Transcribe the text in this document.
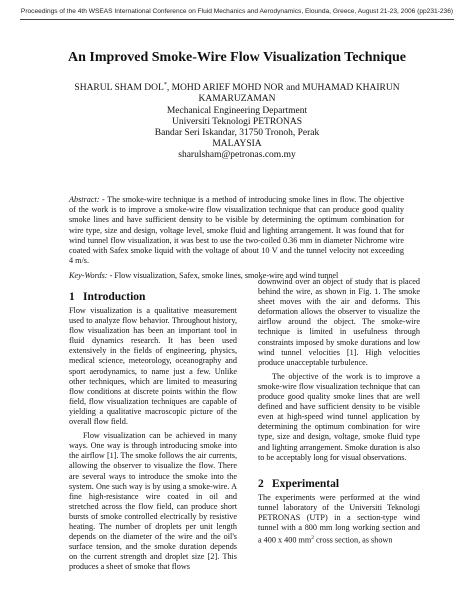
Proceedings of the 4th WSEAS International Conference on Fluid Mechanics and Aerodynamics, Elounda, Greece, August 21-23, 2006 (pp231-236)
An Improved Smoke-Wire Flow Visualization Technique
SHARUL SHAM DOL*, MOHD ARIEF MOHD NOR and MUHAMAD KHAIRUN
KAMARUZAMAN
Mechanical Engineering Department
Universiti Teknologi PETRONAS
Bandar Seri Iskandar, 31750 Tronoh, Perak
MALAYSIA
sharulsham@petronas.com.my
Abstract: - The smoke-wire technique is a method of introducing smoke lines in flow. The objective of the work is to improve a smoke-wire flow visualization technique that can produce good quality smoke lines and have sufficient density to be visible by determining the optimum combination for wire type, size and design, voltage level, smoke fluid and lighting arrangement. It was found that for wind tunnel flow visualization, it was best to use the two-coiled 0.36 mm in diameter Nichrome wire coated with Safex smoke liquid with the voltage of about 10 V and the tunnel velocity not exceeding 4 m/s.
Key-Words: - Flow visualization, Safex, smoke lines, smoke-wire and wind tunnel
1 Introduction

Flow visualization is a qualitative measurement used to analyze flow behavior. Throughout history, flow visualization has been an important tool in fluid dynamics research. It has been used extensively in the fields of engineering, physics, medical science, meteorology, oceanography and sport aerodynamics, to name just a few. Unlike other techniques, which are limited to measuring flow conditions at discrete points within the flow field, flow visualization techniques are capable of yielding a qualitative macroscopic picture of the overall flow field.

Flow visualization can be achieved in many ways. One way is through introducing smoke into the airflow [1]. The smoke follows the air currents, allowing the observer to visualize the flow. There are several ways to introduce the smoke into the system. One such way is by using a smoke-wire. A fine high-resistance wire coated in oil and stretched across the flow field, can produce short bursts of smoke controlled electrically by resistive heating. The number of droplets per unit length depends on the diameter of the wire and the oil's surface tension, and the smoke duration depends on the current strength and droplet size [2]. This produces a sheet of smoke that flows

downwind over an object of study that is placed behind the wire, as shown in Fig. 1. The smoke sheet moves with the air and deforms. This deformation allows the observer to visualize the airflow around the object. The smoke-wire technique is limited in usefulness through constraints imposed by smoke durations and low wind tunnel velocities [1]. High velocities produce unacceptable turbulence.

The objective of the work is to improve a smoke-wire flow visualization technique that can produce good quality smoke lines that are well defined and have sufficient density to be visible even at high-speed wind tunnel application by determining the optimum combination for wire type, size and design, voltage, smoke fluid type and lighting arrangement. Smoke duration is also to be acceptably long for visual observations.

2 Experimental

The experiments were performed at the wind tunnel laboratory of the Universiti Teknologi PETRONAS (UTP) in a section-type wind tunnel with a 800 mm long working section and a 400 x 400 $mm^2$ cross section, as shown
